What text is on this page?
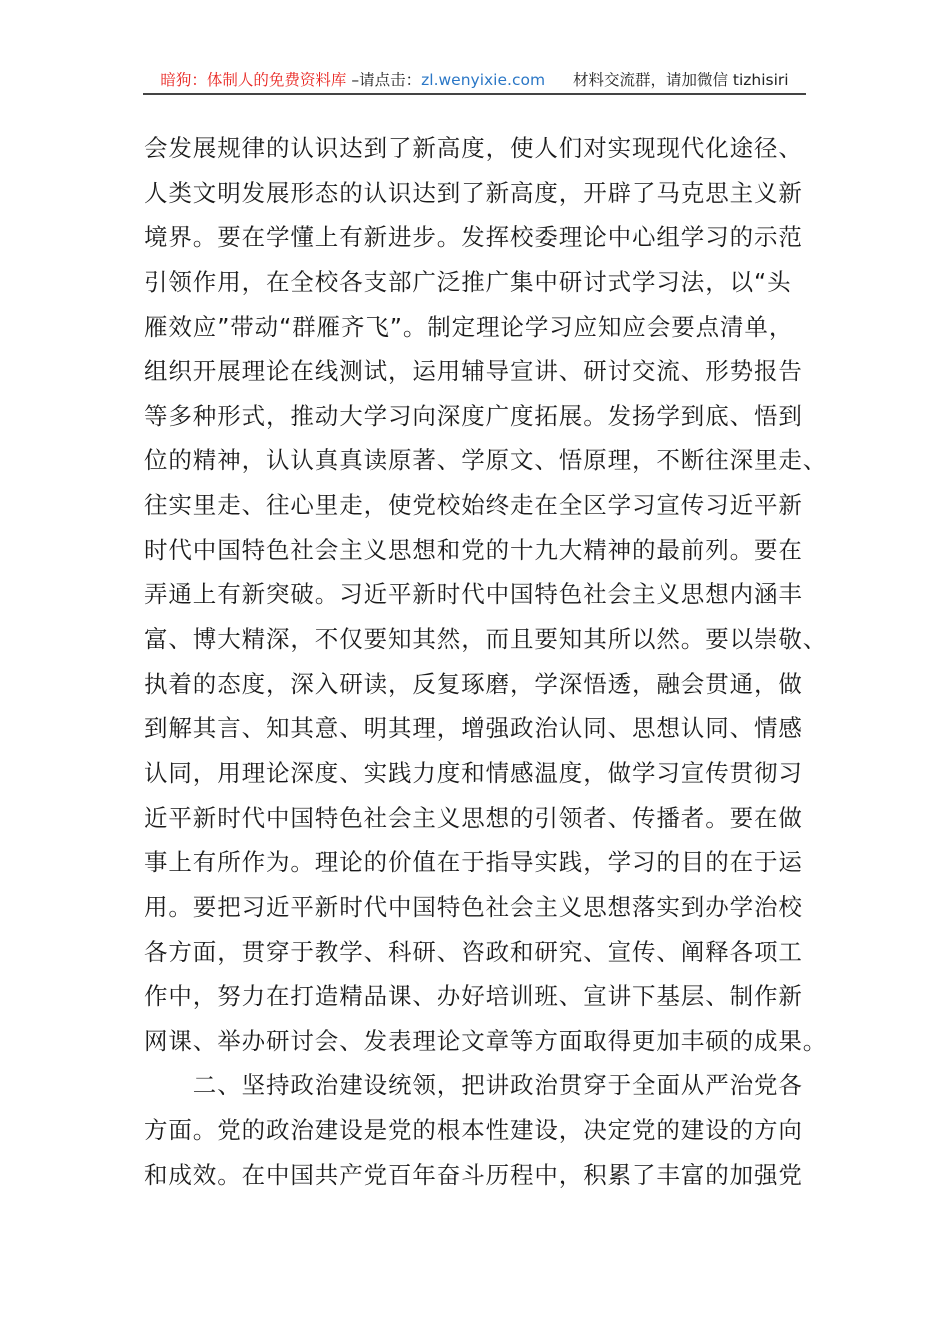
暗狗：体制人的免费资料库 –请点击：zl.wenyixie.com 材料交流群，请加微信 tizhisiri
会发展规律的认识达到了新高度，使人们对实现现代化途径、
人类文明发展形态的认识达到了新高度，开辟了马克思主义新
境界。要在学懂上有新进步。发挥校委理论中心组学习的示范
引领作用，在全校各支部广泛推广集中研讨式学习法，以“头
雁效应”带动“群雁齐飞”。制定理论学习应知应会要点清单，
组织开展理论在线测试，运用辅导宣讲、研讨交流、形势报告
等多种形式，推动大学习向深度广度拓展。发扬学到底、悟到
位的精神，认认真真读原著、学原文、悟原理，不断往深里走、
往实里走、往心里走，使党校始终走在全区学习宣传习近平新
时代中国特色社会主义思想和党的十九大精神的最前列。要在
弄通上有新突破。习近平新时代中国特色社会主义思想内涵丰
富、博大精深，不仅要知其然，而且要知其所以然。要以崇敬、
执着的态度，深入研读，反复琢磨，学深悟透，融会贯通，做
到解其言、知其意、明其理，增强政治认同、思想认同、情感
认同，用理论深度、实践力度和情感温度，做学习宣传贯彻习
近平新时代中国特色社会主义思想的引领者、传播者。要在做
事上有所作为。理论的价值在于指导实践，学习的目的在于运
用。要把习近平新时代中国特色社会主义思想落实到办学治校
各方面，贯穿于教学、科研、咨政和研究、宣传、阐释各项工
作中，努力在打造精品课、办好培训班、宣讲下基层、制作新
网课、举办研讨会、发表理论文章等方面取得更加丰硕的成果。
　　二、坚持政治建设统领，把讲政治贯穿于全面从严治党各
方面。党的政治建设是党的根本性建设，决定党的建设的方向
和成效。在中国共产党百年奋斗历程中，积累了丰富的加强党
